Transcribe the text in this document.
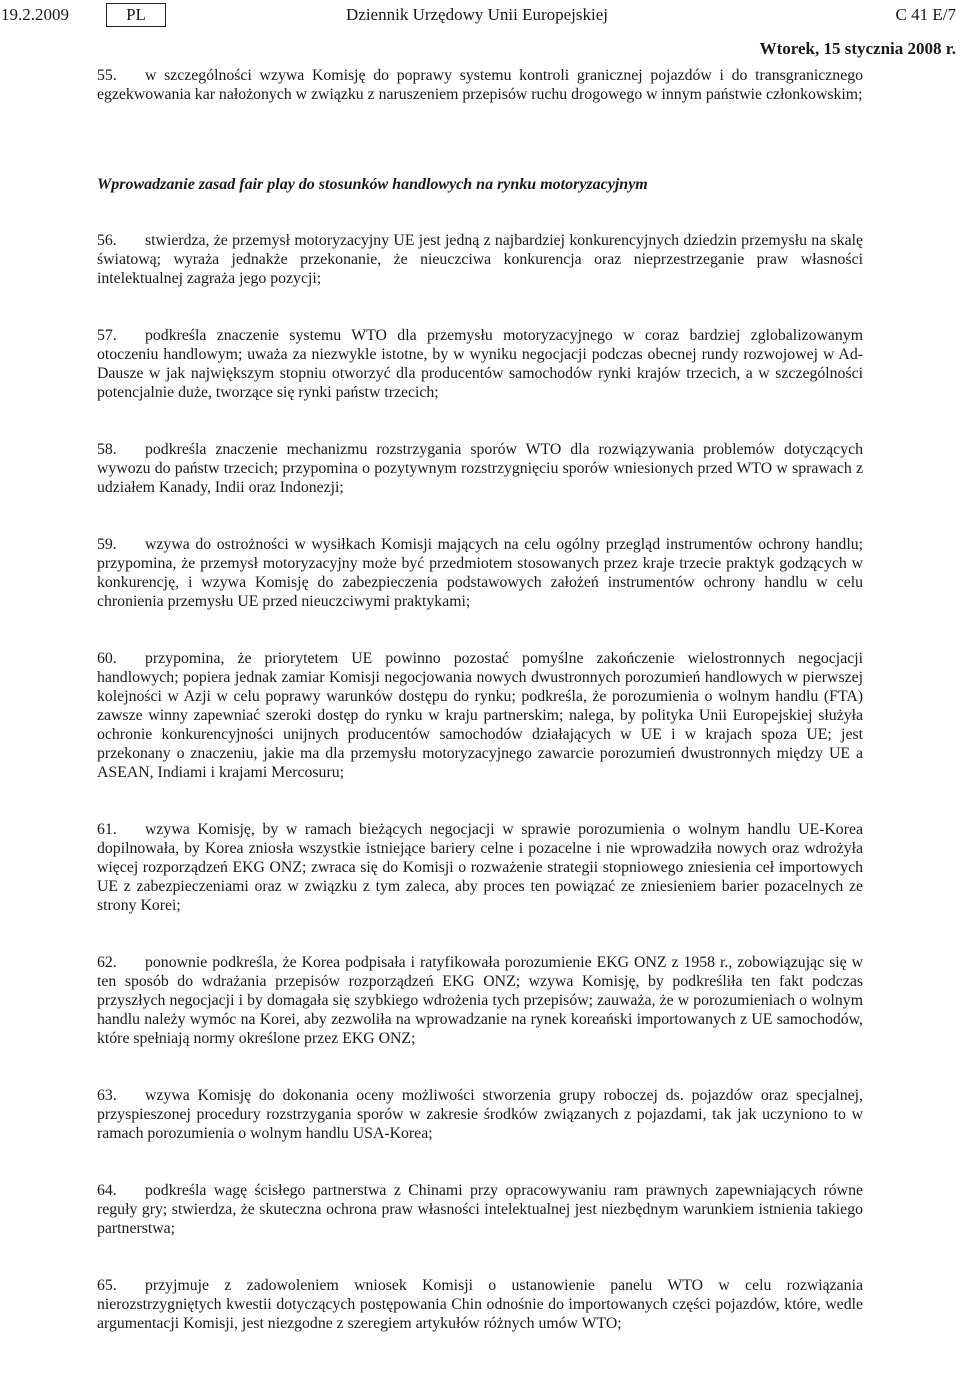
19.2.2009	PL	Dziennik Urzędowy Unii Europejskiej	C 41 E/7
Wtorek, 15 stycznia 2008 r.

55. w szczególności wzywa Komisję do poprawy systemu kontroli granicznej pojazdów i do transgranicznego egzekwowania kar nałożonych w związku z naruszeniem przepisów ruchu drogowego w innym państwie członkowskim;

Wprowadzanie zasad fair play do stosunków handlowych na rynku motoryzacyjnym

56. stwierdza, że przemysł motoryzacyjny UE jest jedną z najbardziej konkurencyjnych dziedzin przemysłu na skalę światową; wyraża jednakże przekonanie, że nieuczciwa konkurencja oraz nieprzestrzeganie praw własności intelektualnej zagraża jego pozycji;

57. podkreśla znaczenie systemu WTO dla przemysłu motoryzacyjnego w coraz bardziej zglobalizowanym otoczeniu handlowym; uważa za niezwykle istotne, by w wyniku negocjacji podczas obecnej rundy rozwojowej w Ad-Dausze w jak największym stopniu otworzyć dla producentów samochodów rynki krajów trzecich, a w szczególności potencjalnie duże, tworzące się rynki państw trzecich;

58. podkreśla znaczenie mechanizmu rozstrzygania sporów WTO dla rozwiązywania problemów dotyczących wywozu do państw trzecich; przypomina o pozytywnym rozstrzygnięciu sporów wniesionych przed WTO w sprawach z udziałem Kanady, Indii oraz Indonezji;

59. wzywa do ostrożności w wysiłkach Komisji mających na celu ogólny przegląd instrumentów ochrony handlu; przypomina, że przemysł motoryzacyjny może być przedmiotem stosowanych przez kraje trzecie praktyk godzących w konkurencję, i wzywa Komisję do zabezpieczenia podstawowych założeń instrumentów ochrony handlu w celu chronienia przemysłu UE przed nieuczciwymi praktykami;

60. przypomina, że priorytetem UE powinno pozostać pomyślne zakończenie wielostronnych negocjacji handlowych; popiera jednak zamiar Komisji negocjowania nowych dwustronnych porozumień handlowych w pierwszej kolejności w Azji w celu poprawy warunków dostępu do rynku; podkreśla, że porozumienia o wolnym handlu (FTA) zawsze winny zapewniać szeroki dostęp do rynku w kraju partnerskim; nalega, by polityka Unii Europejskiej służyła ochronie konkurencyjności unijnych producentów samochodów działających w UE i w krajach spoza UE; jest przekonany o znaczeniu, jakie ma dla przemysłu motoryzacyjnego zawarcie porozumień dwustronnych między UE a ASEAN, Indiami i krajami Mercosuru;

61. wzywa Komisję, by w ramach bieżących negocjacji w sprawie porozumienia o wolnym handlu UE-Korea dopilnowała, by Korea zniosła wszystkie istniejące bariery celne i pozacelne i nie wprowadziła nowych oraz wdrożyła więcej rozporządzeń EKG ONZ; zwraca się do Komisji o rozważenie strategii stopniowego zniesienia ceł importowych UE z zabezpieczeniami oraz w związku z tym zaleca, aby proces ten powiązać ze zniesieniem barier pozacelnych ze strony Korei;

62. ponownie podkreśla, że Korea podpisała i ratyfikowała porozumienie EKG ONZ z 1958 r., zobowiązując się w ten sposób do wdrażania przepisów rozporządzeń EKG ONZ; wzywa Komisję, by podkreśliła ten fakt podczas przyszłych negocjacji i by domagała się szybkiego wdrożenia tych przepisów; zauważa, że w porozumieniach o wolnym handlu należy wymóc na Korei, aby zezwoliła na wprowadzanie na rynek koreański importowanych z UE samochodów, które spełniają normy określone przez EKG ONZ;

63. wzywa Komisję do dokonania oceny możliwości stworzenia grupy roboczej ds. pojazdów oraz specjalnej, przyspieszonej procedury rozstrzygania sporów w zakresie środków związanych z pojazdami, tak jak uczyniono to w ramach porozumienia o wolnym handlu USA-Korea;

64. podkreśla wagę ścisłego partnerstwa z Chinami przy opracowywaniu ram prawnych zapewniających równe reguły gry; stwierdza, że skuteczna ochrona praw własności intelektualnej jest niezbędnym warunkiem istnienia takiego partnerstwa;

65. przyjmuje z zadowoleniem wniosek Komisji o ustanowienie panelu WTO w celu rozwiązania nierozstrzygniętych kwestii dotyczących postępowania Chin odnośnie do importowanych części pojazdów, które, wedle argumentacji Komisji, jest niezgodne z szeregiem artykułów różnych umów WTO;
